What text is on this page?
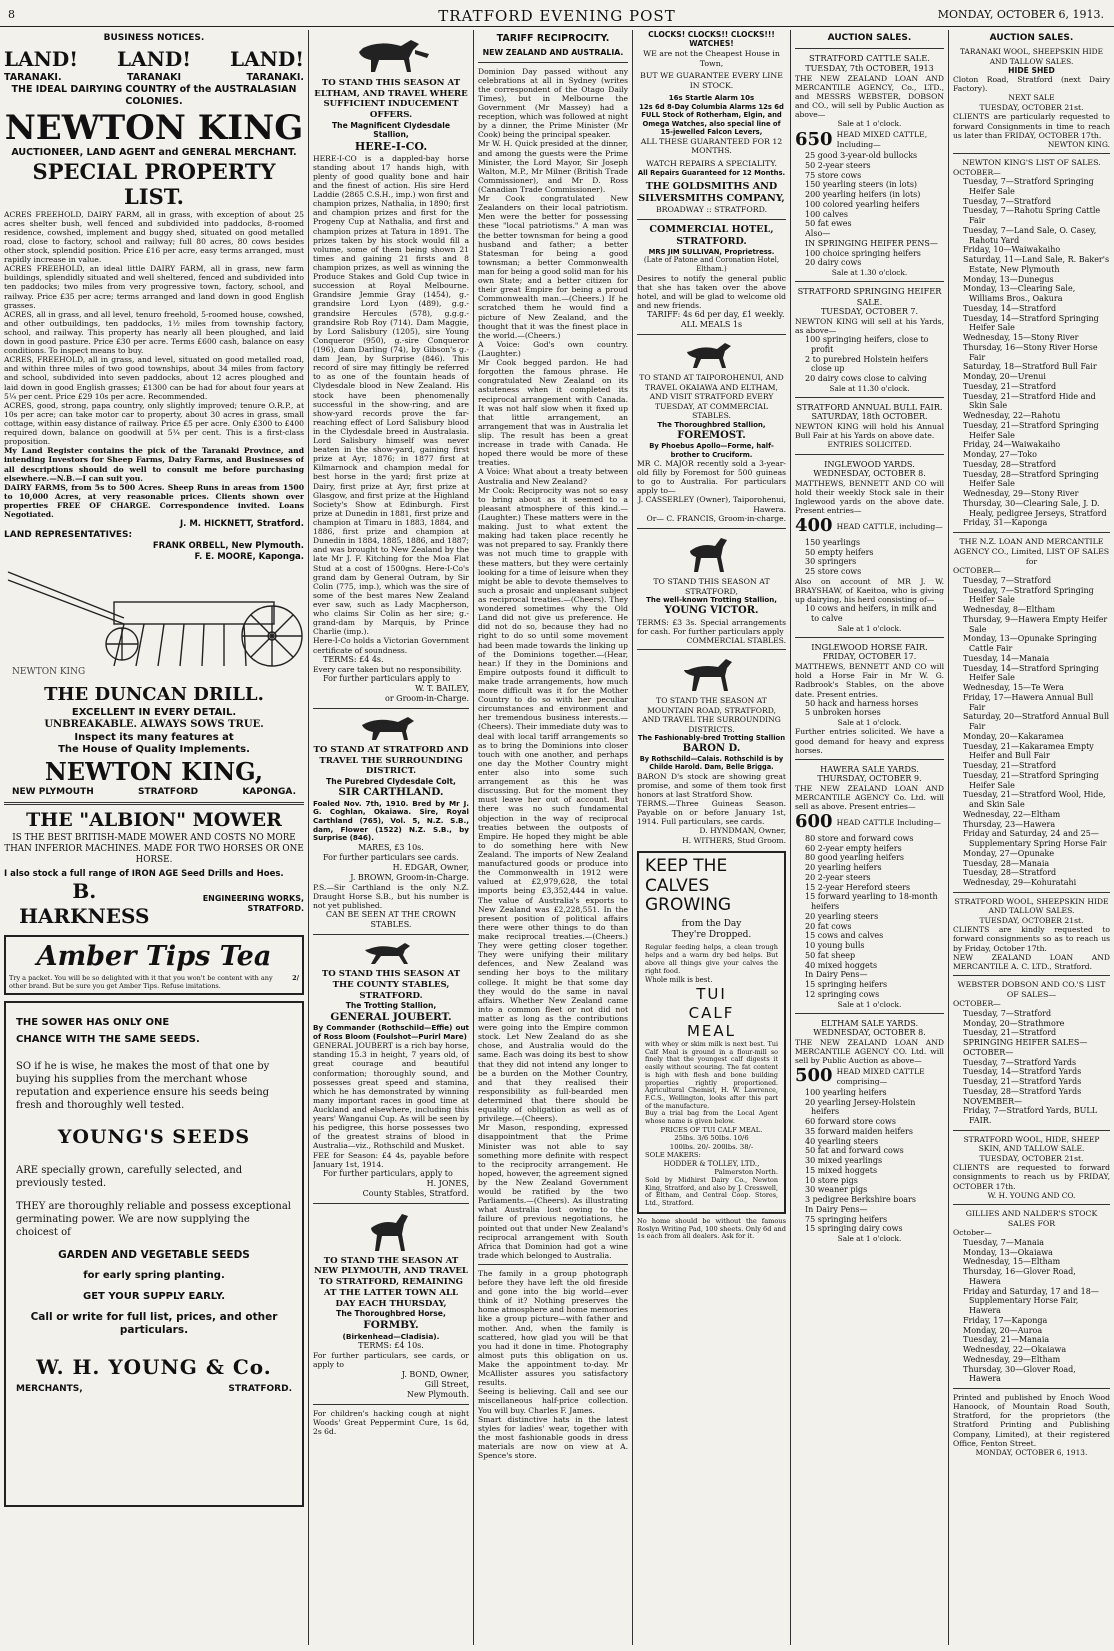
8	TRATFORD EVENING POST	MONDAY, OCTOBER 6, 1913.
BUSINESS NOTICES.
LAND! LAND! LAND!
TARANAKI.	TARANAKI	TARANAKI.
THE IDEAL DAIRYING COUNTRY of the AUSTRALASIAN COLONIES.
NEWTON KING
AUCTIONEER, LAND AGENT and GENERAL MERCHANT.
SPECIAL PROPERTY LIST.
ACRES FREEHOLD, DAIRY FARM, all in grass, with exception of about 25 acres shelter bush, well fenced and subdivided into paddocks, 8-roomed residence, cowshed, implement and buggy shed, situated on good metalled road, close to factory, school and railway; full 80 acres, 80 cows besides other stock, splendid position. Price £16 per acre, easy terms arranged, must rapidly increase in value.
ACRES FREEHOLD, an ideal little DAIRY FARM, all in grass, new farm buildings, splendidly situated and well sheltered, fenced and subdivided into ten paddocks; two miles from very progressive town, factory, school, and railway. Price £35 per acre; terms arranged and land down in good English grasses.
ACRES, all in grass, and all level, tenuro freehold, 5-roomed house, cowshed, and other outbuildings, ten paddocks, 1½ miles from township factory, school, and railway. This property has nearly all been ploughed, and laid down in good pasture. Price £30 per acre. Terms £600 cash, balance on easy conditions. To inspect means to buy.
ACRES, FREEHOLD, all in grass, and level, situated on good metalled road, and within three miles of two good townships, about 34 miles from factory and school, subdivided into seven paddocks, about 12 acres ploughed and laid down in good English grasses; £1300 can be had for about four years at 5¼ per cent. Price £29 10s per acre. Recommended.
ACRES, good, strong, papa country, only slightly improved; tenure O.R.P., at 10s per acre; can take motor car to property, about 30 acres in grass, small cottage, within easy distance of railway. Price £5 per acre. Only £300 to £400 required down, balance on goodwill at 5¼ per cent. This is a first-class proposition.
My Land Register contains the pick of the Taranaki Province, and intending Investors for Sheep Farms, Dairy Farms, and Businesses of all descriptions should do well to consult me before purchasing elsewhere.—N.B.—I can suit you.
DAIRY FARMS, from 5s to 500 Acres. Sheep Runs in areas from 1500 to 10,000 Acres, at very reasonable prices. Clients shown over properties FREE OF CHARGE. Correspondence invited. Loans Negotiated.
J. M. HICKNETT, Stratford.
LAND REPRESENTATIVES:
FRANK ORBELL, New Plymouth.
F. E. MOORE, Kaponga.
NEWTON KING
THE DUNCAN DRILL.
EXCELLENT IN EVERY DETAIL.
UNBREAKABLE. ALWAYS SOWS TRUE.
Inspect its many features at
The House of Quality Implements.
NEWTON KING,
NEW PLYMOUTH	STRATFORD	KAPONGA.
THE "ALBION" MOWER
IS THE BEST BRITISH-MADE MOWER AND COSTS NO MORE THAN INFERIOR MACHINES. MADE FOR TWO HORSES OR ONE HORSE.
I also stock a full range of IRON AGE Seed Drills and Hoes.
B. HARKNESS
ENGINEERING WORKS, STRATFORD.
Amber Tips Tea
Try a packet. You will be so delighted with it that you won't be content with any other brand. But be sure you get Amber Tips. Refuse imitations.
2/
THE SOWER HAS ONLY ONE
CHANCE WITH THE SAME SEEDS.
SO if he is wise, he makes the most of that one by buying his supplies from the merchant whose reputation and experience ensure his seeds being fresh and thoroughly well tested.
YOUNG'S SEEDS
ARE specially grown, carefully selected, and previously tested.
THEY are thoroughly reliable and possess exceptional germinating power. We are now supplying the choicest of
GARDEN AND VEGETABLE SEEDS
for early spring planting.
GET YOUR SUPPLY EARLY.
Call or write for full list, prices, and other particulars.
W. H. YOUNG & Co.
MERCHANTS,	STRATFORD.
TO STAND THIS SEASON AT ELTHAM, AND TRAVEL WHERE SUFFICIENT INDUCEMENT OFFERS.
The Magnificent Clydesdale Stallion,
HERE-I-CO.
HERE-I-CO is a dappled-bay horse standing about 17 hands high, with plenty of good quality bone and hair and the finest of action. His sire Herd Laddie (2865 C.S.H., imp.) won first and champion prizes, Nathalia, in 1890; first and champion prizes and first for the Progeny Cup at Nathalia, and first and champion prizes at Tatura in 1891. The prizes taken by his stock would fill a volume, some of them being shown 21 times and gaining 21 firsts and 8 champion prizes, as well as winning the Produce Stakes and Gold Cup twice in succession at Royal Melbourne. Grandsire Jemmie Gray (1454), g.-grandsire Lord Lyon (489), g.g.-grandsire Hercules (578), g.g.g.-grandsire Rob Roy (714). Dam Maggie, by Lord Salisbury (1205), sire Young Conqueror (950), g.-sire Conqueror (196), dam Darling (74), by Gibson's g.-dam Jean, by Surprise (846). This record of sire may fittingly be referred to as one of the fountain heads of Clydesdale blood in New Zealand. His stock have been phenomenally successful in the show-ring, and are show-yard records prove the far-reaching effect of Lord Salisbury blood in the Clydesdale breed in Australasia. Lord Salisbury himself was never beaten in the show-yard, gaining first prize at Ayr, 1876; in 1877 first at Kilmarnock and champion medal for best horse in the yard; first prize at Dairy, first prize at Ayr, first prize at Glasgow, and first prize at the Highland Society's Show at Edinburgh. First prize at Dunedin in 1881, first prize and champion at Timaru in 1883, 1884, and 1886, first prize and champion at Dunedin in 1884, 1885, 1886, and 1887; and was brought to New Zealand by the late Mr J. F. Kitching for the Moa Flat Stud at a cost of 1500gns. Here-I-Co's grand dam by General Outram, by Sir Colin (775, imp.), which was the sire of some of the best mares New Zealand ever saw, such as Lady Macpherson, who claims Sir Colin as her sire; g.-grand-dam by Marquis, by Prince Charlie (imp.).
Here-I-Co holds a Victorian Government certificate of soundness.
TERMS: £4 4s.
Every care taken but no responsibility.
For further particulars apply to
W. T. BAILEY,
or Groom-in-Charge.
TO STAND AT STRATFORD AND TRAVEL THE SURROUNDING DISTRICT.
The Purebred Clydesdale Colt,
SIR CARTHLAND.
Foaled Nov. 7th, 1910. Bred by Mr J. G. Coghlan, Okaiawa. Sire, Royal Carthland (765), Vol. 5, N.Z. S.B., dam, Flower (1522) N.Z. S.B., by Surprise (846).
MARES, £3 10s.
For further particulars see cards.
H. EDGAR, Owner,
J. BROWN, Groom-in-Charge.
P.S.—Sir Carthland is the only N.Z. Draught Horse S.B., but his number is not yet published.
CAN BE SEEN AT THE CROWN STABLES.
TO STAND THIS SEASON AT THE COUNTY STABLES, STRATFORD.
The Trotting Stallion,
GENERAL JOUBERT.
By Commander (Rothschild—Effie) out of Ross Bloom (Foulshot—Purirl Mare)
GENERAL JOUBERT is a rich bay horse, standing 15.3 in height, 7 years old, of great courage and beautiful conformation; thoroughly sound, and possesses great speed and stamina, which he has demonstrated by winning many important races in good time at Auckland and elsewhere, including this years' Wanganui Cup. As will be seen by his pedigree, this horse possesses two of the greatest strains of blood in Australia—viz., Rothschild and Musket.
FEE for Season: £4 4s, payable before January 1st, 1914.
For further particulars, apply to
H. JONES,
County Stables, Stratford.
TO STAND THE SEASON AT NEW PLYMOUTH, AND TRAVEL TO STRATFORD, REMAINING AT THE LATTER TOWN ALL DAY EACH THURSDAY,
The Thoroughbred Horse,
FORMBY.
(Birkenhead—Cladisia).
TERMS: £4 10s.
For further particulars, see cards, or apply to
J. BOND, Owner,
Gill Street,
New Plymouth.
For children's hacking cough at night Woods' Great Peppermint Cure, 1s 6d, 2s 6d.
TARIFF RECIPROCITY.
NEW ZEALAND AND AUSTRALIA.
Dominion Day passed without any celebrations at all in Sydney (writes the correspondent of the Otago Daily Times), but in Melbourne the Government (Mr Massey) had a reception, which was followed at night by a dinner, the Prime Minister (Mr Cook) being the principal speaker.
Mr W. H. Quick presided at the dinner, and among the guests were the Prime Minister, the Lord Mayor, Sir Joseph Walton, M.P., Mr Milner (British Trade Commissioner), and Mr D. Ross (Canadian Trade Commissioner).
Mr Cook congratulated New Zealanders on their local patriotism. Men were the better for possessing these "local patriotisms." A man was the better townsman for being a good husband and father; a better Statesman for being a good townsman; a better Commonwealth man for being a good solid man for his own State; and a better citizen for their great Empire for being a proud Commonwealth man.—(Cheers.) If he scratched them he would find a picture of New Zealand, and the thought that it was the finest place in the world.—(Cheers.)
A Voice: God's own country. (Laughter.)
Mr Cook begged pardon. He had forgotten the famous phrase. He congratulated New Zealand on its astuteness when it completed its reciprocal arrangement with Canada. It was not half slow when it fixed up that little arrangement, an arrangement that was in Australia let slip. The result has been a great increase in trade with Canada. He hoped there would be more of these treaties.
A Voice: What about a treaty between Australia and New Zealand?
Mr Cook: Reciprocity was not so easy to bring about as it seemed to a pleasant atmosphere of this kind.—(Laughter.) These matters were in the making. Just to what extent the making had taken place recently he was not prepared to say. Frankly there was not much time to grapple with these matters, but they were certainly looking for a time of leisure when they might be able to devote themselves to such a prosaic and unpleasant subject as reciprocal treaties.—(Cheers). They wondered sometimes why the Old Land did not give us preference. He did not do so, because they had no right to do so until some movement had been made towards the linking up of the Dominions together.—(Hear, hear.) If they in the Dominions and Empire outposts found it difficult to make trade arrangements, how much more difficult was it for the Mother Country to do so with her peculiar circumstances and environment and her tremendous business interests.—(Cheers). Their immediate duty was to deal with local tariff arrangements so as to bring the Dominions into closer touch with one another, and perhaps one day the Mother Country might enter also into some such arrangement as this he was discussing. But for the moment they must leave her out of account. But there was no such fundamental objection in the way of reciprocal treaties between the outposts of Empire. He hoped they might be able to do something here with New Zealand. The imports of New Zealand manufactured goods or produce into the Commonwealth in 1912 were valued at £2,979,628, the total imports being £3,352,444 in value. The value of Australia's exports to New Zealand was £2,228,551. In the present position of political affairs there were other things to do than make reciprocal treaties.—(Cheers.) They were getting closer together. They were unifying their military defences, and New Zealand was sending her boys to the military college. It might be that some day they would do the same in naval affairs. Whether New Zealand came into a common fleet or not did not matter as long as the contributions were going into the Empire common stock. Let New Zealand do as she chose, and Australia would do the same. Each was doing its best to show that they did not intend any longer to be a burden on the Mother Country, and that they realised their responsibility as full-bearded men determined that there should be equality of obligation as well as of privilege.—(Cheers).
Mr Mason, responding, expressed disappointment that the Prime Minister was not able to say something more definite with respect to the reciprocity arrangement. He hoped, however, the agreement signed by the New Zealand Government would be ratified by the two Parliaments.—(Cheers). As illustrating what Australia lost owing to the failure of previous negotiations, he pointed out that under New Zealand's reciprocal arrangement with South Africa that Dominion had got a wine trade which belonged to Australia.
The family in a group photograph before they have left the old fireside and gone into the big world—ever think of it? Nothing preserves the home atmosphere and home memories like a group picture—with father and mother. And, when the family is scattered, how glad you will be that you had it done in time. Photography almost puts this obligation on us. Make the appointment to-day. Mr McAllister assures you satisfactory results.
Seeing is believing. Call and see our miscellaneous half-price collection. You will buy. Charles F. James.
Smart distinctive hats in the latest styles for ladies' wear, together with the most fashionable goods in dress materials are now on view at A. Spence's store.
CLOCKS! CLOCKS!! CLOCKS!!!
WATCHES!
WE are not the Cheapest House in Town,
BUT WE GUARANTEE EVERY LINE IN STOCK.
16s Startle Alarm 10s
12s 6d 8-Day Columbia Alarms 12s 6d
FULL Stock of Rotherham, Elgin, and Omega Watches, also special line of 15-jewelled Falcon Levers,
ALL THESE GUARANTEED FOR 12 MONTHS.
WATCH REPAIRS A SPECIALITY.
All Repairs Guaranteed for 12 Months.
THE GOLDSMITHS AND SILVERSMITHS COMPANY,
BROADWAY :: STRATFORD.
COMMERCIAL HOTEL, STRATFORD.
MRS JIM SULLIVAN, Proprietress.
(Late of Patone and Coronation Hotel, Eltham.)
Desires to notify the general public that she has taken over the above hotel, and will be glad to welcome old and new friends.
TARIFF: 4s 6d per day, £1 weekly.
ALL MEALS 1s
TO STAND AT TAIPOROHENUI, AND TRAVEL OKAIAWA AND ELTHAM, AND VISIT STRATFORD EVERY TUESDAY, AT COMMERCIAL STABLES.
The Thoroughbred Stallion,
FOREMOST.
By Phoebus Apollo—Forme, half-brother to Cruciform.
MR C. MAJOR recently sold a 3-year-old filly by Foremost for 500 guineas to go to Australia. For particulars apply to—
J. CASSERLEY (Owner), Taiporohenui, Hawera.
Or— C. FRANCIS, Groom-in-charge.
TO STAND THIS SEASON AT STRATFORD,
The well-known Trotting Stallion,
YOUNG VICTOR.
TERMS: £3 3s. Special arrangements for cash. For further particulars apply
COMMERCIAL STABLES.
TO STAND THE SEASON AT MOUNTAIN ROAD, STRATFORD, AND TRAVEL THE SURROUNDING DISTRICTS.
The Fashionably-bred Trotting Stallion
BARON D.
By Rothschild—Calais. Rothschild is by Childe Harold. Dam, Belle Brigga.
BARON D's stock are showing great promise, and some of them took first honors at last Stratford Show.
TERMS.—Three Guineas Season. Payable on or before January 1st, 1914. Full particulars, see cards.
D. HYNDMAN, Owner,
H. WITHERS, Stud Groom.
KEEP THE
CALVES
GROWING
from the Day
They're Dropped.
Regular feeding helps, a clean trough helps and a warm dry bed helps. But above all things give your calves the right food.
Whole milk is best.
TUI
CALF
MEAL
with whey or skim milk is next best. Tui Calf Meal is ground in a flour-mill so finely that the youngest calf digests it easily without scouring. The fat content is high with flesh and bone building properties rightly proportioned. Agricultural Chemist, H. W. Lawrence, F.C.S., Wellington, looks after this part of the manufacture.
Buy a trial bag from the Local Agent whose name is given below.
PRICES OF TUI CALF MEAL.
25lbs. 3/6 50lbs. 10/6
100lbs. 20/- 200lbs. 38/-
SOLE MAKERS:
HODDER & TOLLEY, LTD.,
Palmerston North.
Sold by Midhirst Dairy Co., Newton King, Stratford, and also by J. Cresswell, of Eltham, and Central Coop. Stores, Ltd., Stratford.
No home should be without the famous Roslyn Writing Pad, 100 sheets. Only 6d and 1s each from all dealers. Ask for it.
AUCTION SALES.
STRATFORD CATTLE SALE.
TUESDAY, 7th OCTOBER, 1913
THE NEW ZEALAND LOAN AND MERCANTILE AGENCY, Co., LTD., and MESSRS WEBSTER, DOBSON and CO., will sell by Public Auction as above—
Sale at 1 o'clock.
650 HEAD MIXED CATTLE, Including—
25 good 3-year-old bullocks
50 2-year steers
75 store cows
150 yearling steers (in lots)
200 yearling heifers (in lots)
100 colored yearling heifers
100 calves
50 fat ewes
Also—
IN SPRINGING HEIFER PENS—
100 choice springing heifers
20 dairy cows
Sale at 1.30 o'clock.
STRATFORD SPRINGING HEIFER SALE.
TUESDAY, OCTOBER 7.
NEWTON KING will sell at his Yards, as above—
100 springing heifers, close to profit
2 to purebred Holstein heifers close up
20 dairy cows close to calving
Sale at 11.30 o'clock.
STRATFORD ANNUAL BULL FAIR.
SATURDAY, 18th OCTOBER.
NEWTON KING will hold his Annual Bull Fair at his Yards on above date.
ENTRIES SOLICITED.
INGLEWOOD YARDS.
WEDNESDAY, OCTOBER 8.
MATTHEWS, BENNETT AND CO will hold their weekly Stock sale in their Inglewood yards on the above date. Present entries—
400 HEAD CATTLE, including—
150 yearlings
50 empty heifers
30 springers
25 store cows
Also on account of MR J. W. BRAYSHAW, of Kaeitoa, who is giving up dairying, his herd consisting of—
10 cows and heifers, in milk and to calve
Sale at 1 o'clock.
INGLEWOOD HORSE FAIR.
FRIDAY, OCTOBER 17.
MATTHEWS, BENNETT AND CO will hold a Horse Fair in Mr W. G. Radbrook's Stables, on the above date. Present entries.
50 hack and harness horses
5 unbroken horses
Sale at 1 o'clock.
Further entries solicited. We have a good demand for heavy and express horses.
HAWERA SALE YARDS.
THURSDAY, OCTOBER 9.
THE NEW ZEALAND LOAN AND MERCANTILE AGENCY Co. Ltd. will sell as above. Present entries—
600 HEAD CATTLE Including—
80 store and forward cows
60 2-year empty heifers
80 good yearling heifers
20 yearling heifers
20 2-year steers
15 2-year Hereford steers
15 forward yearling to 18-month heifers
20 yearling steers
20 fat cows
15 cows and calves
10 young bulls
50 fat sheep
40 mixed hoggets
In Dairy Pens—
15 springing heifers
12 springing cows
Sale at 1 o'clock.
ELTHAM SALE YARDS.
WEDNESDAY, OCTOBER 8.
THE NEW ZEALAND LOAN AND MERCANTILE AGENCY CO. Ltd. will sell by Public Auction as above—
500 HEAD MIXED CATTLE comprising—
100 yearling heifers
20 yearling Jersey-Holstein heifers
60 forward store cows
35 forward maiden heifers
40 yearling steers
50 fat and forward cows
30 mixed yearlings
15 mixed hoggets
10 store pigs
30 weaner pigs
3 pedigree Berkshire boars
In Dairy Pens—
75 springing heifers
15 springing dairy cows
Sale at 1 o'clock.
AUCTION SALES.
TARANAKI WOOL, SHEEPSKIN HIDE AND TALLOW SALES.
HIDE SHED
Cloton Road, Stratford (next Dairy Factory).
NEXT SALE
TUESDAY, OCTOBER 21st.
CLIENTS are particularly requested to forward Consignments in time to reach us later than FRIDAY, OCTOBER 17th.
NEWTON KING.
NEWTON KING'S LIST OF SALES.
OCTOBER—
Tuesday, 7—Stratford Springing Heifer Sale
Tuesday, 7—Stratford
Tuesday, 7—Rahotu Spring Cattle Fair
Tuesday, 7—Land Sale, O. Casey, Rahotu Yard
Friday, 10—Waiwakaiho
Saturday, 11—Land Sale, R. Baker's Estate, New Plymouth
Monday, 13—Dunegus
Monday, 13—Clearing Sale, Williams Bros., Oakura
Tuesday, 14—Stratford
Tuesday, 14—Stratford Springing Heifer Sale
Wednesday, 15—Stony River
Thursday, 16—Stony River Horse Fair
Saturday, 18—Stratford Bull Fair
Monday, 20—Urenui
Tuesday, 21—Stratford
Tuesday, 21—Stratford Hide and Skin Sale
Wednesday, 22—Rahotu
Tuesday, 21—Stratford Springing Heifer Sale
Friday, 24—Waiwakaiho
Monday, 27—Toko
Tuesday, 28—Stratford
Tuesday, 28—Stratford Springing Heifer Sale
Wednesday, 29—Stony River
Thursday, 30—Clearing Sale, J. D. Healy, pedigree Jerseys, Stratford
Friday, 31—Kaponga
THE N.Z. LOAN AND MERCANTILE AGENCY CO., Limited, LIST OF SALES for
OCTOBER—
Tuesday, 7—Stratford
Tuesday, 7—Stratford Springing Heifer Sale
Wednesday, 8—Eltham
Thursday, 9—Hawera Empty Heifer Sale
Monday, 13—Opunake Springing Cattle Fair
Tuesday, 14—Manaia
Tuesday, 14—Stratford Springing Heifer Sale
Wednesday, 15—Te Wera
Friday, 17—Hawera Annual Bull Fair
Saturday, 20—Stratford Annual Bull Fair
Monday, 20—Kakaramea
Tuesday, 21—Kakaramea Empty Heifer and Bull Fair
Tuesday, 21—Stratford
Tuesday, 21—Stratford Springing Heifer Sale
Tuesday, 21—Stratford Wool, Hide, and Skin Sale
Wednesday, 22—Eltham
Thursday, 23—Hawera
Friday and Saturday, 24 and 25—Supplementary Spring Horse Fair
Monday, 27—Opunake
Tuesday, 28—Manaia
Tuesday, 28—Stratford
Wednesday, 29—Kohuratahi
STRATFORD WOOL, SHEEPSKIN HIDE AND TALLOW SALES.
TUESDAY, OCTOBER 21st.
CLIENTS are kindly requested to forward consignments so as to reach us by Friday, October 17th.
NEW ZEALAND LOAN AND MERCANTILE A. C. LTD., Stratford.
WEBSTER DOBSON AND CO.'S LIST OF SALES—
OCTOBER—
Tuesday, 7—Stratford
Monday, 20—Strathmore
Tuesday, 21—Stratford
SPRINGING HEIFER SALES—
OCTOBER—
Tuesday, 7—Stratford Yards
Tuesday, 14—Stratford Yards
Tuesday, 21—Stratford Yards
Tuesday, 28—Stratford Yards
NOVEMBER—
Friday, 7—Stratford Yards, BULL FAIR.
STRATFORD WOOL, HIDE, SHEEP SKIN, AND TALLOW SALE.
TUESDAY, OCTOBER 21st.
CLIENTS are requested to forward consignments to reach us by FRIDAY, OCTOBER 17th.
W. H. YOUNG AND CO.
GILLIES AND NALDER'S STOCK SALES FOR
October—
Tuesday, 7—Manaia
Monday, 13—Okaiawa
Wednesday, 15—Eltham
Thursday, 16—Glover Road, Hawera
Friday and Saturday, 17 and 18—Supplementary Horse Fair, Hawera
Friday, 17—Kaponga
Monday, 20—Auroa
Tuesday, 21—Manaia
Wednesday, 22—Okaiawa
Wednesday, 29—Eltham
Thursday, 30—Glover Road, Hawera
Printed and published by Enoch Wood Hanoock, of Mountain Road South, Stratford, for the proprietors (the Stratford Printing and Publishing Company, Limited), at their registered Office, Fenton Street.
MONDAY, OCTOBER 6, 1913.
